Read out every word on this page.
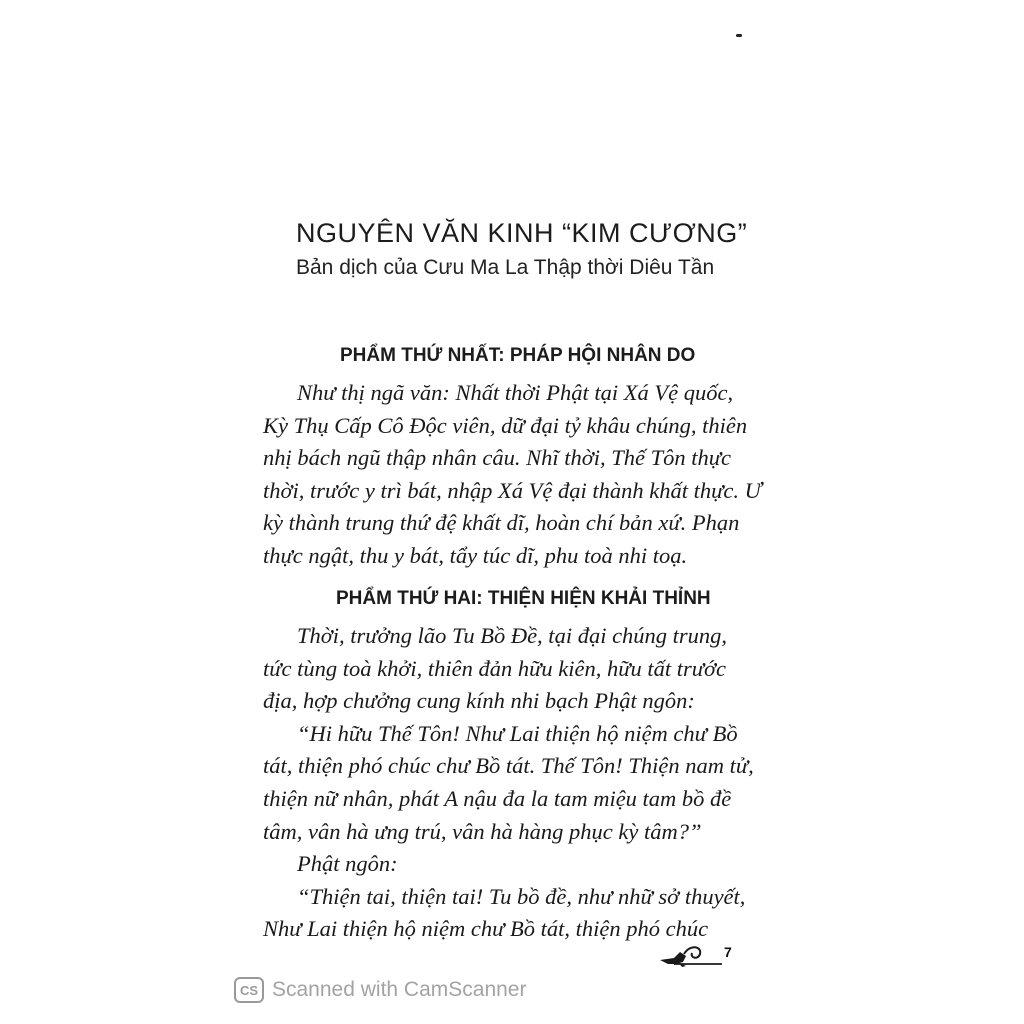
NGUYÊN VĂN KINH “KIM CƯƠNG”
Bản dịch của Cưu Ma La Thập thời Diêu Tần
PHẨM THỨ NHẤT: PHÁP HỘI NHÂN DO
Như thị ngã văn: Nhất thời Phật tại Xá Vệ quốc,
Kỳ Thụ Cấp Cô Độc viên, dữ đại tỷ khâu chúng, thiên
nhị bách ngũ thập nhân câu. Nhĩ thời, Thế Tôn thực
thời, trước y trì bát, nhập Xá Vệ đại thành khất thực. Ư
kỳ thành trung thứ đệ khất dĩ, hoàn chí bản xứ. Phạn
thực ngật, thu y bát, tẩy túc dĩ, phu toà nhi toạ.
PHẨM THỨ HAI: THIỆN HIỆN KHẢI THỈNH
Thời, trưởng lão Tu Bồ Đề, tại đại chúng trung,
tức tùng toà khởi, thiên đản hữu kiên, hữu tất trước
địa, hợp chưởng cung kính nhi bạch Phật ngôn:
“Hi hữu Thế Tôn! Như Lai thiện hộ niệm chư Bồ
tát, thiện phó chúc chư Bồ tát. Thế Tôn! Thiện nam tử,
thiện nữ nhân, phát A nậu đa la tam miệu tam bồ đề
tâm, vân hà ưng trú, vân hà hàng phục kỳ tâm?”
Phật ngôn:
“Thiện tai, thiện tai! Tu bồ đề, như nhữ sở thuyết,
Như Lai thiện hộ niệm chư Bồ tát, thiện phó chúc
7
CS Scanned with CamScanner
